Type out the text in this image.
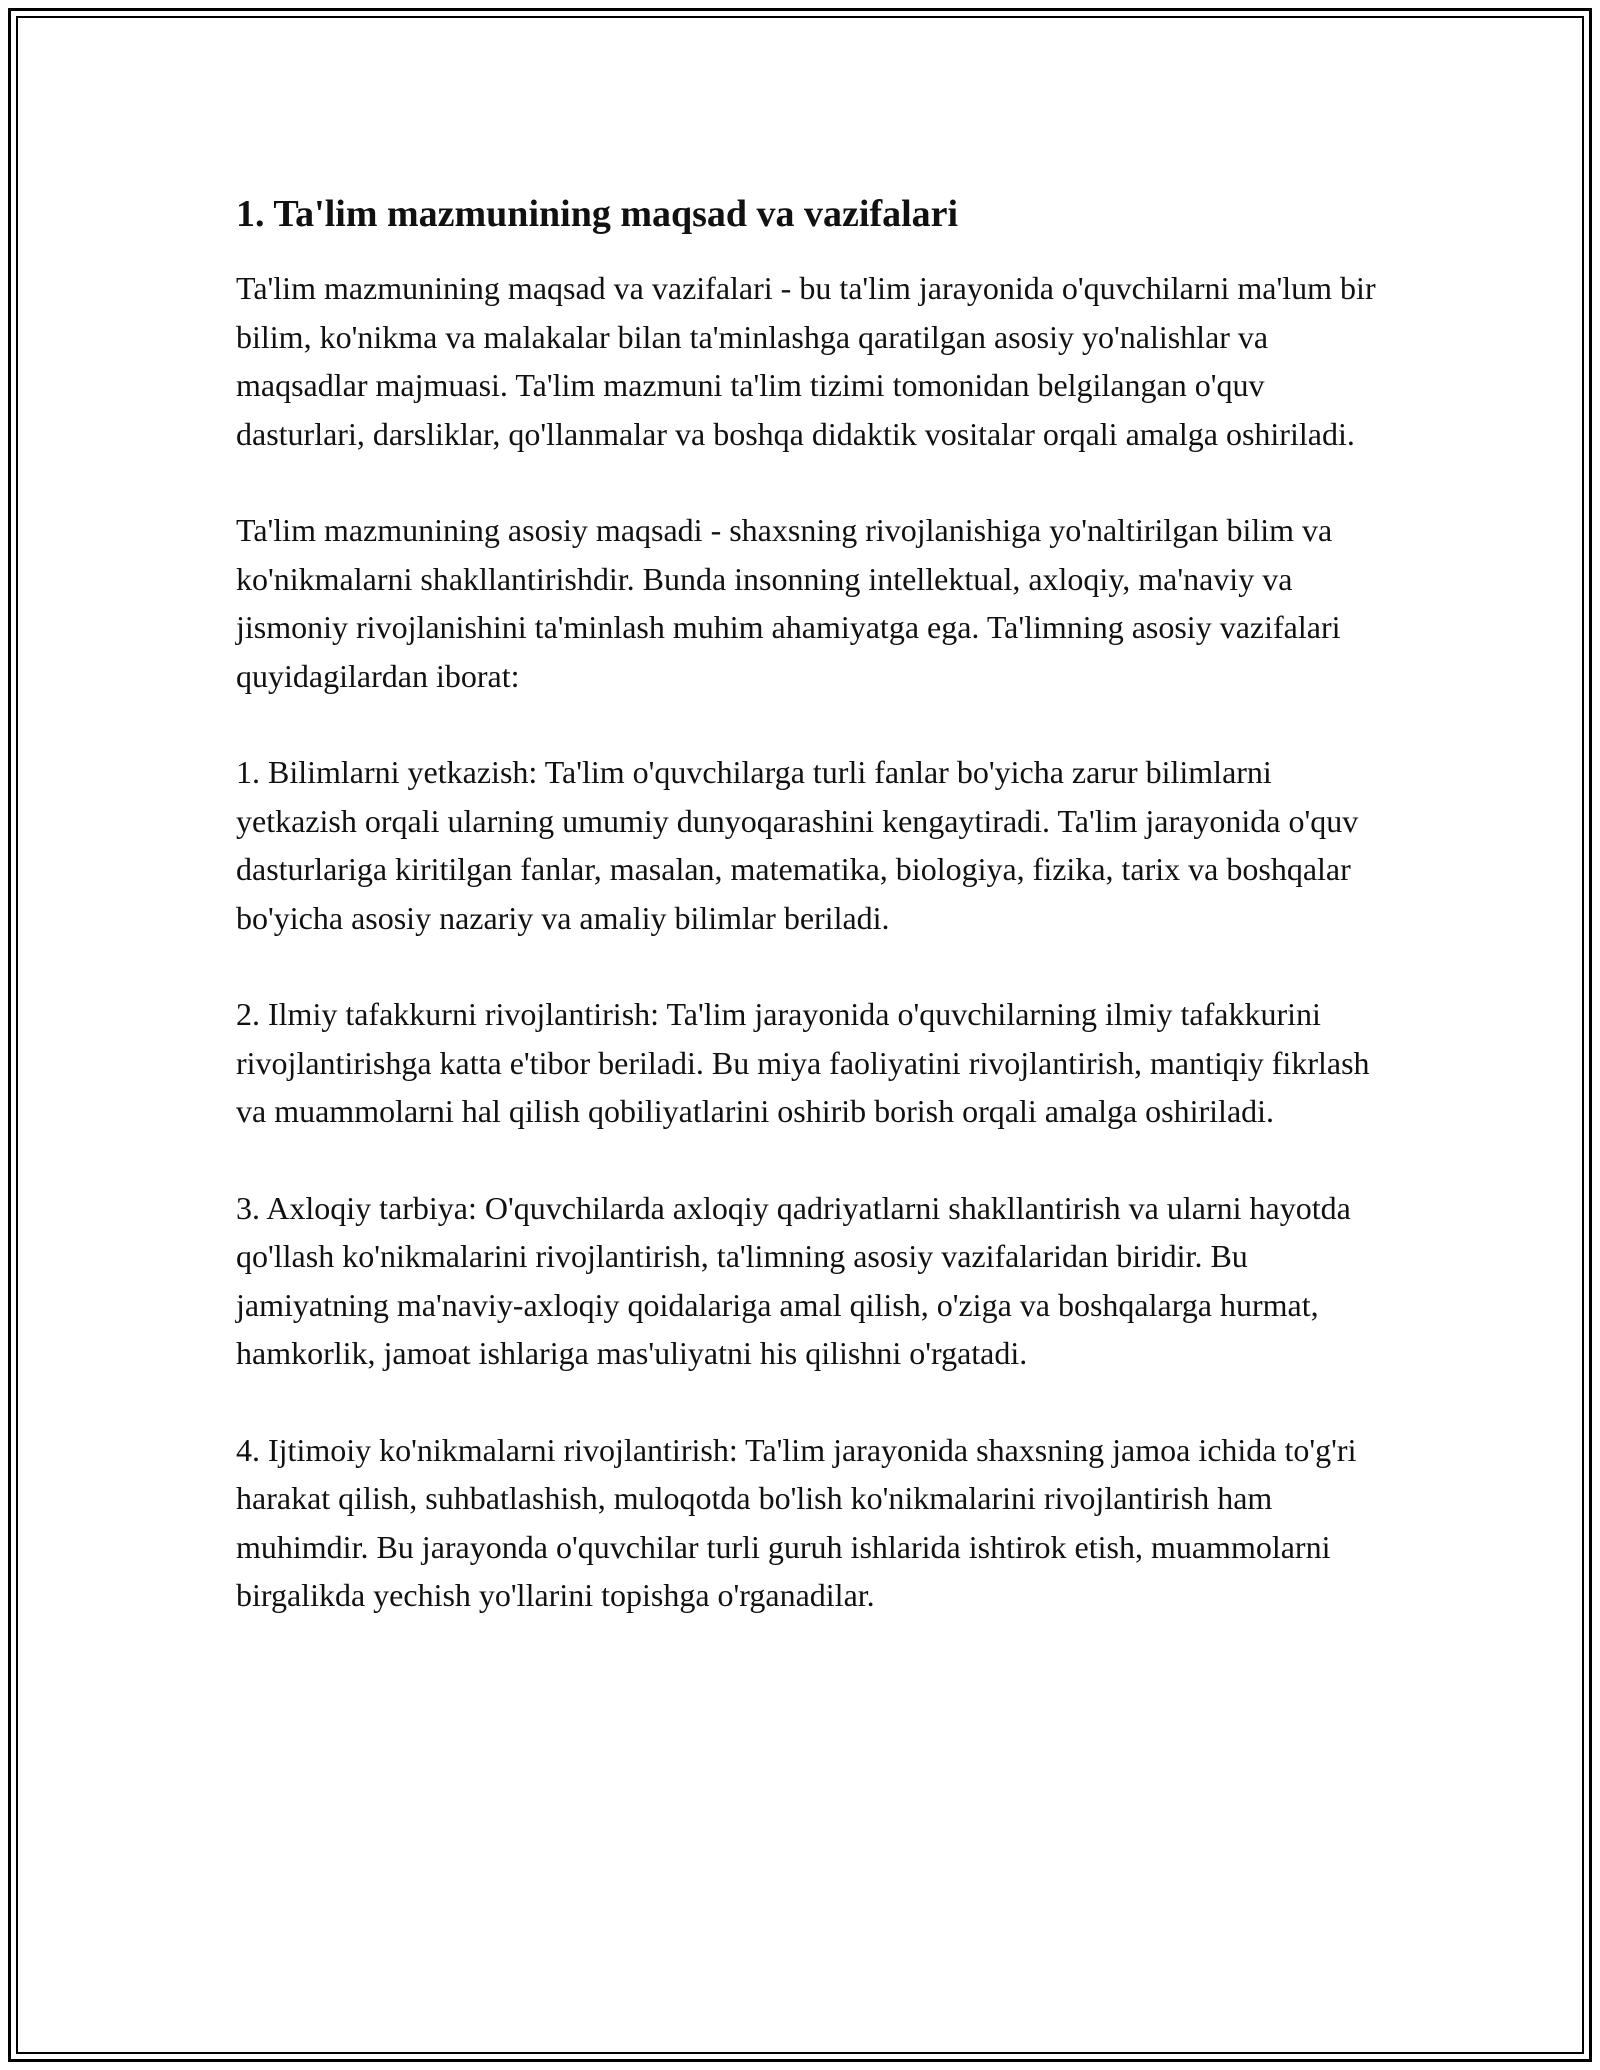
1. Ta'lim mazmunining maqsad va vazifalari

Ta'lim mazmunining maqsad va vazifalari - bu ta'lim jarayonida o'quvchilarni ma'lum bir bilim, ko'nikma va malakalar bilan ta'minlashga qaratilgan asosiy yo'nalishlar va maqsadlar majmuasi. Ta'lim mazmuni ta'lim tizimi tomonidan belgilangan o'quv dasturlari, darsliklar, qo'llanmalar va boshqa didaktik vositalar orqali amalga oshiriladi.

Ta'lim mazmunining asosiy maqsadi - shaxsning rivojlanishiga yo'naltirilgan bilim va ko'nikmalarni shakllantirishdir. Bunda insonning intellektual, axloqiy, ma'naviy va jismoniy rivojlanishini ta'minlash muhim ahamiyatga ega. Ta'limning asosiy vazifalari quyidagilardan iborat:

1. Bilimlarni yetkazish: Ta'lim o'quvchilarga turli fanlar bo'yicha zarur bilimlarni yetkazish orqali ularning umumiy dunyoqarashini kengaytiradi. Ta'lim jarayonida o'quv dasturlariga kiritilgan fanlar, masalan, matematika, biologiya, fizika, tarix va boshqalar bo'yicha asosiy nazariy va amaliy bilimlar beriladi.

2. Ilmiy tafakkurni rivojlantirish: Ta'lim jarayonida o'quvchilarning ilmiy tafakkurini rivojlantirishga katta e'tibor beriladi. Bu miya faoliyatini rivojlantirish, mantiqiy fikrlash va muammolarni hal qilish qobiliyatlarini oshirib borish orqali amalga oshiriladi.

3. Axloqiy tarbiya: O'quvchilarda axloqiy qadriyatlarni shakllantirish va ularni hayotda qo'llash ko'nikmalarini rivojlantirish, ta'limning asosiy vazifalaridan biridir. Bu jamiyatning ma'naviy-axloqiy qoidalariga amal qilish, o'ziga va boshqalarga hurmat, hamkorlik, jamoat ishlariga mas'uliyatni his qilishni o'rgatadi.

4. Ijtimoiy ko'nikmalarni rivojlantirish: Ta'lim jarayonida shaxsning jamoa ichida to'g'ri harakat qilish, suhbatlashish, muloqotda bo'lish ko'nikmalarini rivojlantirish ham muhimdir. Bu jarayonda o'quvchilar turli guruh ishlarida ishtirok etish, muammolarni birgalikda yechish yo'llarini topishga o'rganadilar.
